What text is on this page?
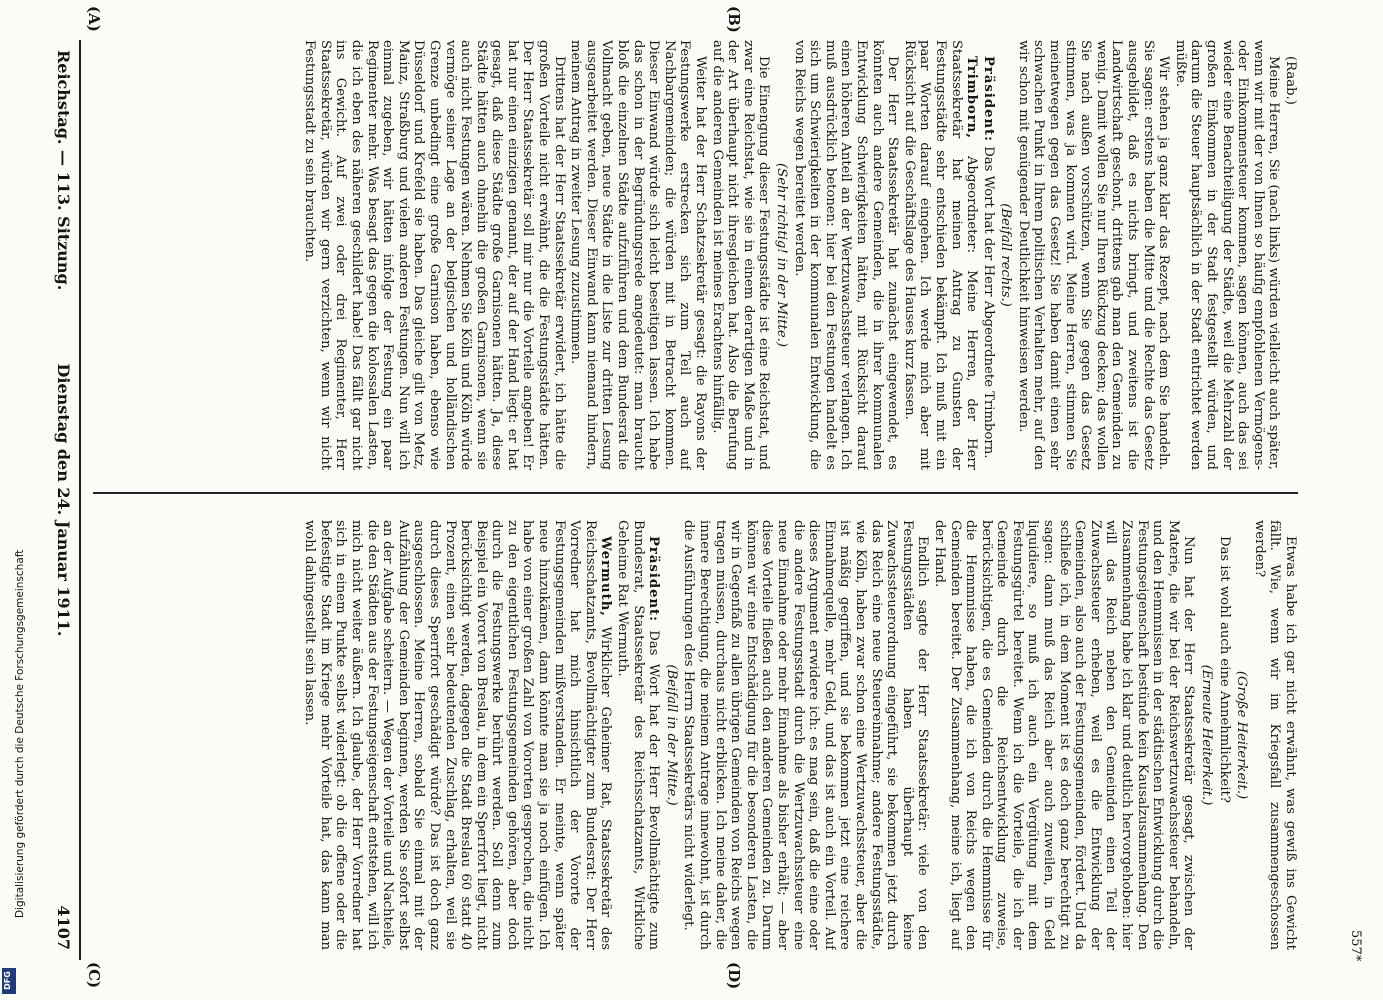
Reichstag. — 113. Sitzung.
Dienstag den 24. Januar 1911.
4107
(A)	(B)
(C)	(D)
557*

(Raab.)

Meine Herren, Sie (nach links) würden vielleicht auch später, wenn wir mit der von Ihnen so häufig empfohlenen Vermögens- oder Einkommensteuer kommen, sagen können, auch das sei wieder eine Benachteiligung der Städte, weil die Mehrzahl der großen Einkommen in der Stadt festgestellt würden, und darum die Steuer hauptsächlich in der Stadt entrichtet werden müßte.

Wir stehen ja ganz klar das Rezept, nach dem Sie handeln. Sie sagen: erstens haben die Mitte und die Rechte das Gesetz ausgebildet, daß es nichts bringt, und zweitens ist die Landwirtschaft geschont, drittens gab man den Gemeinden zu wenig. Damit wollen Sie nur Ihren Rückzug decken; das wollen Sie nach außen vorschützen, wenn Sie gegen das Gesetz stimmen, was ja kommen wird. Meine Herren, stimmen Sie meinetwegen gegen das Gesetz! Sie haben damit einen sehr schwachen Punkt in Ihrem politischen Verhalten mehr, auf den wir schon mit genügender Deutlichkeit hinweisen werden.

(Beifall rechts.)

Präsident: Das Wort hat der Herr Abgeordnete Trimborn.

Trimborn, Abgeordneter: Meine Herren, der Herr Staatssekretär hat meinen Antrag zu Gunsten der Festungsstädte sehr entschieden bekämpft. Ich muß mit ein paar Worten darauf eingehen. Ich werde mich aber mit Rücksicht auf die Geschäftslage des Hauses kurz fassen.

Der Herr Staatssekretär hat zunächst eingewendet, es könnten auch andere Gemeinden, die in ihrer kommunalen Entwicklung Schwierigkeiten hätten, mit Rücksicht darauf einen höheren Anteil an der Wertzuwachssteuer verlangen. Ich muß ausdrücklich betonen: hier bei den Festungen handelt es sich um Schwierigkeiten in der kommunalen Entwicklung, die von Reichs wegen bereitet werden.

(Sehr richtig! in der Mitte.)

Die Einengung dieser Festungsstädte ist eine Reichstat, und zwar eine Reichstat, wie sie in einem derartigen Maße und in der Art überhaupt nicht ihresgleichen hat. Also die Berufung auf die anderen Gemeinden ist meines Erachtens hinfällig.

Weiter hat der Herr Schatzsekretär gesagt: die Rayons der Festungswerke erstrecken sich zum Teil auch auf Nachbargemeinden; die würden mit in Betracht kommen. Dieser Einwand würde sich leicht beseitigen lassen. Ich habe das schon in der Begründungsrede angedeutet: man braucht bloß die einzelnen Städte aufzuführen und dem Bundesrat die Vollmacht geben, neue Städte in die Liste zur dritten Lesung ausgearbeitet werden. Dieser Einwand kann niemand hindern, meinem Antrag in zweiter Lesung zuzustimmen.

Drittens hat der Herr Staatssekretär erwidert, ich hätte die großen Vorteile nicht erwähnt, die die Festungsstädte hätten. Der Herr Staatssekretär soll mir nur die Vorteile angeben! Er hat nur einen einzigen genannt, der auf der Hand liegt: er hat gesagt, daß diese Städte große Garnisonen hätten. Ja, diese Städte hätten auch ohnehin die großen Garnisonen, wenn sie auch nicht Festungen wären. Nehmen Sie Köln und Köln würde vermöge seiner Lage an der belgischen und holländischen Grenze unbedingt eine große Garnison haben, ebenso wie Düsseldorf und Krefeld sie haben. Das gleiche gilt von Metz, Mainz, Straßburg und vielen anderen Festungen. Nun will ich einmal zugeben, wir hätten infolge der Festung ein paar Regimenter mehr. Was besagt das gegen die kolossalen Lasten, die ich eben des näheren geschildert habe! Das fällt gar nicht ins Gewicht. Auf zwei oder drei Regimenter, Herr Staatssekretär, würden wir gern verzichten, wenn wir nicht Festungsstadt zu sein brauchten.

Etwas habe ich gar nicht erwähnt, was gewiß ins Gewicht fällt. Wie, wenn wir im Kriegsfall zusammengeschossen werden?

(Große Heiterkeit.)

Das ist wohl auch eine Annehmlichkeit?

(Erneute Heiterkeit.)

Nun hat der Herr Staatssekretär gesagt, zwischen der Materie, die wir bei der Reichswertzuwachssteuer behandeln, und den Hemmnissen in der städtischen Entwicklung durch die Festungseigenschaft bestünde kein Kausalzusammenhang. Den Zusammenhang habe ich klar und deutlich hervorgehoben: hier will das Reich neben den Gemeinden einen Teil der Zuwachssteuer erheben, weil es die Entwicklung der Gemeinden, also auch der Festungsgemeinden, fördert. Und da schließe ich, in dem Moment ist es doch ganz berechtigt zu sagen: dann muß das Reich aber auch zuweilen, in Geld liquidiere, so muß ich auch ein Vergütung mit dem Festungsgürtel bereitet. Wenn ich die Vorteile, die ich der Gemeinde durch die Reichsentwicklung zuweise, berücksichtigen, die es Gemeinden durch die Hemmnisse für die Hemmnisse haben, die ich von Reichs wegen den Gemeinden bereitet. Der Zusammenhang, meine ich, liegt auf der Hand.

Endlich sagte der Herr Staatssekretär: viele von den Festungsstädten haben überhaupt keine Zuwachssteuerordnung eingeführt, sie bekommen jetzt durch das Reich eine neue Steuereinnahme; andere Festungsstädte, wie Köln, haben zwar schon eine Wertzuwachssteuer, aber die ist mäßig gegriffen, und sie bekommen jetzt eine reichere Einnahmequelle, mehr Geld, und das ist auch ein Vorteil. Auf dieses Argument erwidere ich: es mag sein, daß die eine oder die andere Festungsstadt durch die Wertzuwachssteuer eine neue Einnahme oder mehr Einnahme als bisher erhält; — aber diese Vorteile fließen auch den anderen Gemeinden zu. Darum können wir eine Entschädigung für die besonderen Lasten, die wir in Gegenfaß zu allen übrigen Gemeinden von Reichs wegen tragen müssen, durchaus nicht erblicken. Ich meine daher, die innere Berechtigung, die meinem Antrage innewohnt, ist durch die Ausführungen des Herrn Staatssekretärs nicht widerlegt.

(Beifall in der Mitte.)

Präsident: Das Wort hat der Herr Bevollmächtigte zum Bundesrat, Staatssekretär des Reichsschatzamts, Wirkliche Geheime Rat Wermuth.

Wermuth, Wirklicher Geheimer Rat, Staatssekretär des Reichsschatzamts, Bevollmächtigter zum Bundesrat: Der Herr Vorredner hat mich hinsichtlich der Vororte der Festungsgemeinden mißverstanden. Er meinte, wenn später neue hinzukämen, dann könnte man sie ja noch einfügen. Ich habe von einer großen Zahl von Vororten gesprochen, die nicht zu den eigentlichen Festungsgemeinden gehören, aber doch durch die Festungswerke berührt werden. Soll denn zum Beispiel ein Vorort von Breslau, in dem ein Sperrfort liegt, nicht berücksichtigt werden, dagegen die Stadt Breslau 60 statt 40 Prozent, einen sehr bedeutenden Zuschlag, erhalten, weil sie durch dieses Sperrfort geschädigt würde? Das ist doch ganz ausgeschlossen. Meine Herren, sobald Sie einmal mit der Aufzählung der Gemeinden beginnen, werden Sie sofort selbst an der Aufgabe scheitern. — Wegen der Vorteile und Nachteile, die den Städten aus der Festungseigenschaft entstehen, will ich mich nicht weiter äußern. Ich glaube, der Herr Vorredner hat sich in einem Punkte selbst widerlegt: ob die offene oder die befestigte Stadt im Kriege mehr Vorteile hat, das kann man wohl dahingestellt sein lassen.

Digitalisierung gefördert durch die Deutsche Forschungsgemeinschaft
DFG
